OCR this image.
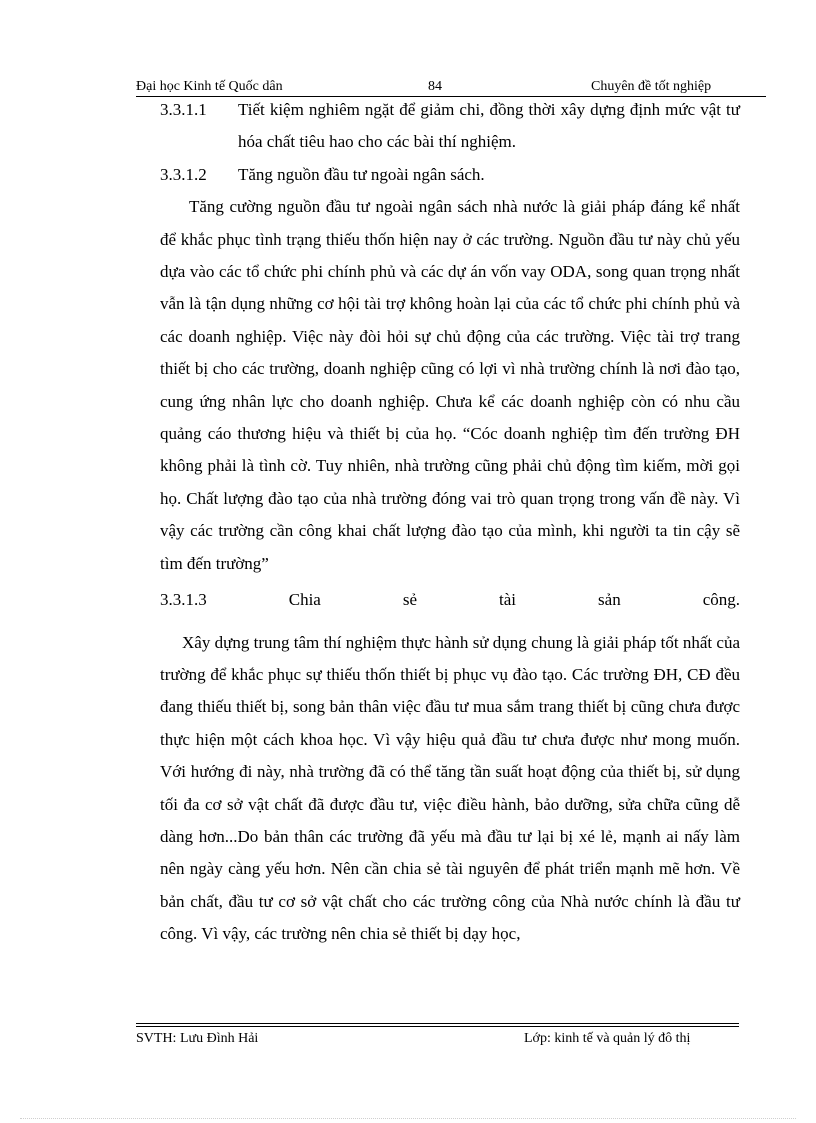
Đại học Kinh tế Quốc dân	84	Chuyên đề tốt nghiệp

3.3.1.1	Tiết kiệm nghiêm ngặt để giảm chi, đồng thời xây dựng định mức vật tư hóa chất tiêu hao cho các bài thí nghiệm.

3.3.1.2	Tăng nguồn đầu tư ngoài ngân sách.

Tăng cường nguồn đầu tư ngoài ngân sách nhà nước là giải pháp đáng kể nhất để khắc phục tình trạng thiếu thốn hiện nay ở các trường. Nguồn đầu tư này chủ yếu dựa vào các tổ chức phi chính phủ và các dự án vốn vay ODA, song quan trọng nhất vẫn là tận dụng những cơ hội tài trợ không hoàn lại của các tổ chức phi chính phủ và các doanh nghiệp. Việc này đòi hỏi sự chủ động của các trường. Việc tài trợ trang thiết bị cho các trường, doanh nghiệp cũng có lợi vì nhà trường chính là nơi đào tạo, cung ứng nhân lực cho doanh nghiệp. Chưa kể các doanh nghiệp còn có nhu cầu quảng cáo thương hiệu và thiết bị của họ. “Cóc doanh nghiệp tìm đến trường ĐH không phải là tình cờ. Tuy nhiên, nhà trường cũng phải chủ động tìm kiếm, mời gọi họ. Chất lượng đào tạo của nhà trường đóng vai trò quan trọng trong vấn đề này. Vì vậy các trường cần công khai chất lượng đào tạo của mình, khi người ta tin cậy sẽ tìm đến trường”

3.3.1.3	Chia	sẻ	tài	sản	công.

Xây dựng trung tâm thí nghiệm thực hành sử dụng chung là giải pháp tốt nhất của trường để khắc phục sự thiếu thốn thiết bị phục vụ đào tạo. Các trường ĐH, CĐ đều đang thiếu thiết bị, song bản thân việc đầu tư mua sắm trang thiết bị cũng chưa được thực hiện một cách khoa học. Vì vậy hiệu quả đầu tư chưa được như mong muốn. Với hướng đi này, nhà trường đã có thể tăng tần suất hoạt động của thiết bị, sử dụng tối đa cơ sở vật chất đã được đầu tư, việc điều hành, bảo dưỡng, sửa chữa cũng dễ dàng hơn...Do bản thân các trường đã yếu mà đầu tư lại bị xé lẻ, mạnh ai nấy làm nên ngày càng yếu hơn. Nên cần chia sẻ tài nguyên để phát triển mạnh mẽ hơn. Về bản chất, đầu tư cơ sở vật chất cho các trường công của Nhà nước chính là đầu tư công. Vì vậy, các trường nên chia sẻ thiết bị dạy học,

SVTH: Lưu Đình Hải	Lớp: kinh tế và quản lý đô thị
